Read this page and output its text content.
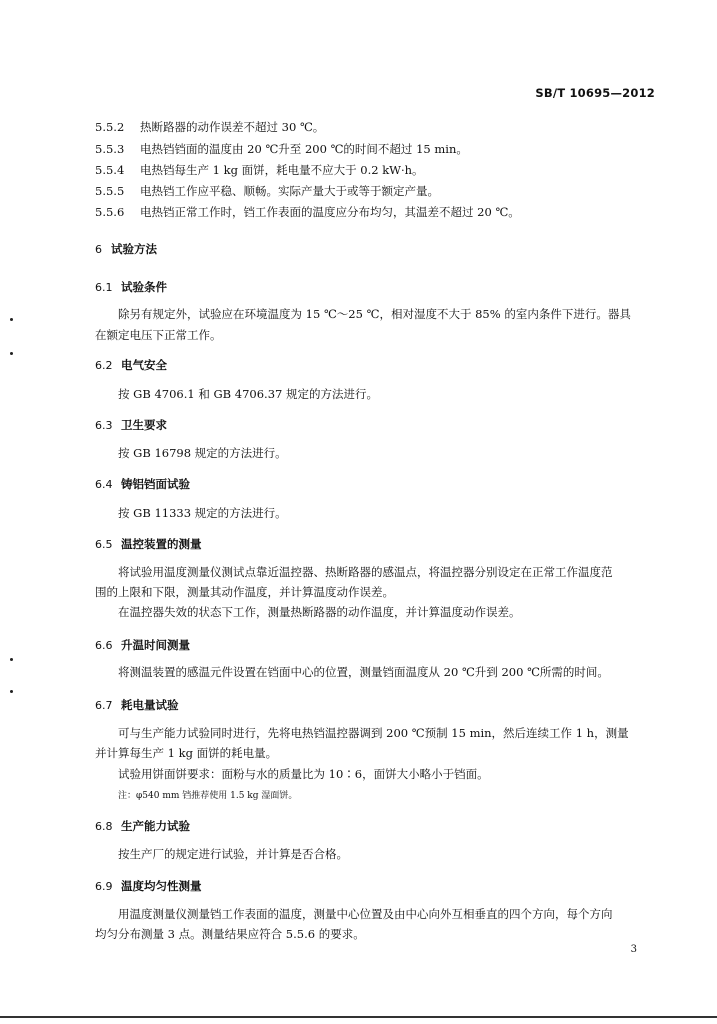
SB/T 10695—2012
5.5.2 热断路器的动作误差不超过 30 ℃。
5.5.3 电热铛铛面的温度由 20 ℃升至 200 ℃的时间不超过 15 min。
5.5.4 电热铛每生产 1 kg 面饼，耗电量不应大于 0.2 kW·h。
5.5.5 电热铛工作应平稳、顺畅。实际产量大于或等于额定产量。
5.5.6 电热铛正常工作时，铛工作表面的温度应分布均匀，其温差不超过 20 ℃。
6 试验方法
6.1 试验条件
除另有规定外，试验应在环境温度为 15 ℃～25 ℃，相对湿度不大于 85% 的室内条件下进行。器具
在额定电压下正常工作。
6.2 电气安全
按 GB 4706.1 和 GB 4706.37 规定的方法进行。
6.3 卫生要求
按 GB 16798 规定的方法进行。
6.4 铸铝铛面试验
按 GB 11333 规定的方法进行。
6.5 温控装置的测量
将试验用温度测量仪测试点靠近温控器、热断路器的感温点，将温控器分别设定在正常工作温度范
围的上限和下限，测量其动作温度，并计算温度动作误差。
在温控器失效的状态下工作，测量热断路器的动作温度，并计算温度动作误差。
6.6 升温时间测量
将测温装置的感温元件设置在铛面中心的位置，测量铛面温度从 20 ℃升到 200 ℃所需的时间。
6.7 耗电量试验
可与生产能力试验同时进行，先将电热铛温控器调到 200 ℃预制 15 min，然后连续工作 1 h，测量
并计算每生产 1 kg 面饼的耗电量。
试验用饼面饼要求：面粉与水的质量比为 10∶6，面饼大小略小于铛面。
注：φ540 mm 铛推荐使用 1.5 kg 湿面饼。
6.8 生产能力试验
按生产厂的规定进行试验，并计算是否合格。
6.9 温度均匀性测量
用温度测量仪测量铛工作表面的温度，测量中心位置及由中心向外互相垂直的四个方向，每个方向
均匀分布测量 3 点。测量结果应符合 5.5.6 的要求。
3
